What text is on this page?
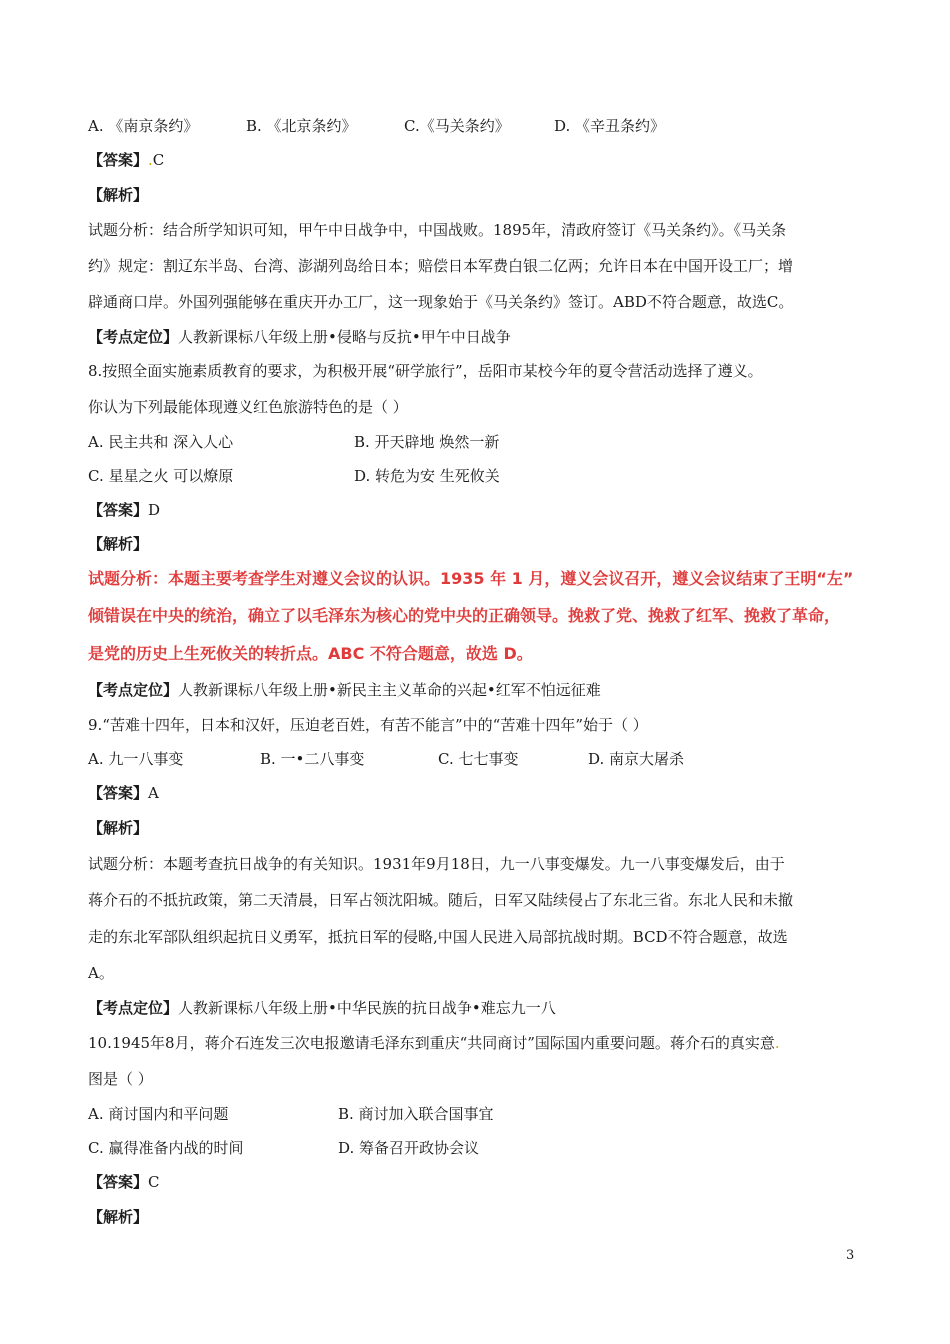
A. 《南京条约》	B. 《北京条约》	C.《马关条约》	D. 《辛丑条约》
【答案】.C
【解析】
试题分析：结合所学知识可知，甲午中日战争中，中国战败。1895年，清政府签订《马关条约》。《马关条
约》规定：割辽东半岛、台湾、澎湖列岛给日本；赔偿日本军费白银二亿两；允许日本在中国开设工厂；增
辟通商口岸。外国列强能够在重庆开办工厂，这一现象始于《马关条约》签订。ABD不符合题意，故选C。
【考点定位】人教新课标八年级上册•侵略与反抗•甲午中日战争
8.按照全面实施素质教育的要求，为积极开展“研学旅行”，岳阳市某校今年的夏令营活动选择了遵义。
你认为下列最能体现遵义红色旅游特色的是（ ）
A. 民主共和 深入人心	B. 开天辟地 焕然一新
C. 星星之火 可以燎原	D. 转危为安 生死攸关
【答案】D
【解析】
试题分析：本题主要考查学生对遵义会议的认识。1935 年 1 月，遵义会议召开，遵义会议结束了王明“左”
倾错误在中央的统治，确立了以毛泽东为核心的党中央的正确领导。挽救了党、挽救了红军、挽救了革命，
是党的历史上生死攸关的转折点。ABC 不符合题意，故选 D。
【考点定位】人教新课标八年级上册•新民主主义革命的兴起•红军不怕远征难
9.“苦难十四年，日本和汉奸，压迫老百姓，有苦不能言”中的“苦难十四年”始于（ ）
A. 九一八事变	B. 一•二八事变	C. 七七事变	D. 南京大屠杀
【答案】A
【解析】
试题分析：本题考查抗日战争的有关知识。1931年9月18日，九一八事变爆发。九一八事变爆发后，由于
蒋介石的不抵抗政策，第二天清晨，日军占领沈阳城。随后，日军又陆续侵占了东北三省。东北人民和未撤
走的东北军部队组织起抗日义勇军，抵抗日军的侵略,中国人民进入局部抗战时期。BCD不符合题意，故选
A。
【考点定位】人教新课标八年级上册•中华民族的抗日战争•难忘九一八
10.1945年8月，蒋介石连发三次电报邀请毛泽东到重庆“共同商讨”国际国内重要问题。蒋介石的真实意.
图是（ ）
A. 商讨国内和平问题	B. 商讨加入联合国事宜
C. 赢得准备内战的时间	D. 筹备召开政协会议
【答案】C
【解析】
3
